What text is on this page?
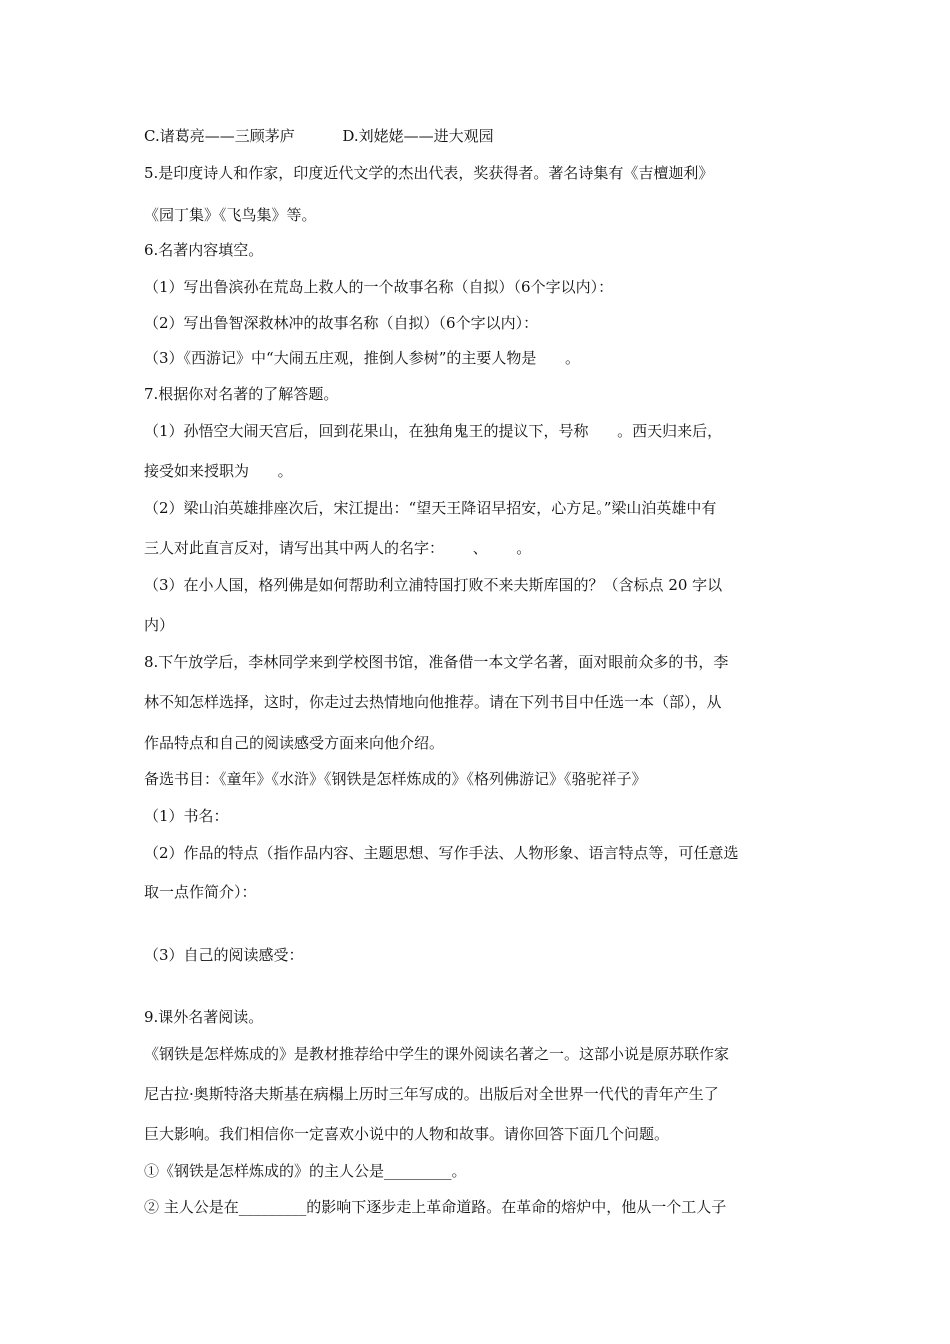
C.诸葛亮——三顾茅庐          D.刘姥姥——进大观园
5.是印度诗人和作家，印度近代文学的杰出代表，奖获得者。著名诗集有《吉檀迦利》
《园丁集》《飞鸟集》等。
6.名著内容填空。
（1）写出鲁滨孙在荒岛上救人的一个故事名称（自拟）（6个字以内）：
（2）写出鲁智深救林冲的故事名称（自拟）（6个字以内）：
（3）《西游记》中“大闹五庄观，推倒人参树”的主要人物是      。
7.根据你对名著的了解答题。
（1）孙悟空大闹天宫后，回到花果山，在独角鬼王的提议下，号称      。西天归来后，
接受如来授职为      。
（2）梁山泊英雄排座次后，宋江提出：“望天王降诏早招安，心方足。”梁山泊英雄中有
三人对此直言反对，请写出其中两人的名字：      、      。
（3）在小人国，格列佛是如何帮助利立浦特国打败不来夫斯库国的？（含标点 20 字以
内）
8.下午放学后，李林同学来到学校图书馆，准备借一本文学名著，面对眼前众多的书，李
林不知怎样选择，这时，你走过去热情地向他推荐。请在下列书目中任选一本（部），从
作品特点和自己的阅读感受方面来向他介绍。
备选书目：《童年》《水浒》《钢铁是怎样炼成的》《格列佛游记》《骆驼祥子》
（1）书名：
（2）作品的特点（指作品内容、主题思想、写作手法、人物形象、语言特点等，可任意选
取一点作简介）：
（3）自己的阅读感受：
9.课外名著阅读。
《钢铁是怎样炼成的》是教材推荐给中学生的课外阅读名著之一。这部小说是原苏联作家
尼古拉·奥斯特洛夫斯基在病榻上历时三年写成的。出版后对全世界一代代的青年产生了
巨大影响。我们相信你一定喜欢小说中的人物和故事。请你回答下面几个问题。
①《钢铁是怎样炼成的》的主人公是_________。
② 主人公是在_________的影响下逐步走上革命道路。在革命的熔炉中，他从一个工人子
